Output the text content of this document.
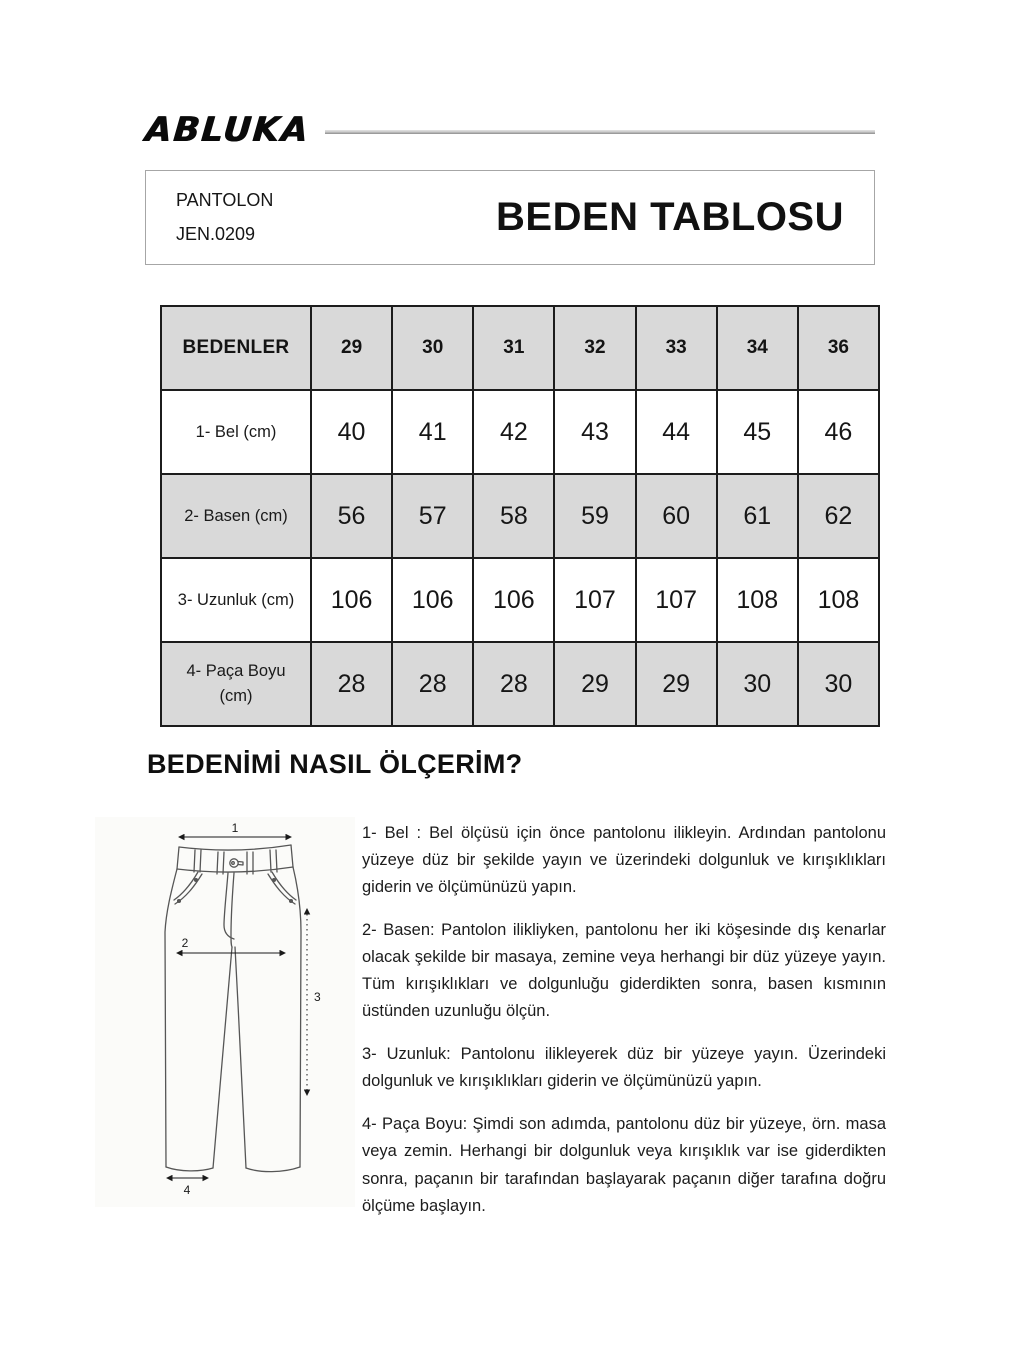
ABLUKA
PANTOLON
JEN.0209	BEDEN TABLOSU
BEDENLER	29	30	31	32	33	34	36
1- Bel (cm)	40	41	42	43	44	45	46
2- Basen (cm)	56	57	58	59	60	61	62
3- Uzunluk (cm)	106	106	106	107	107	108	108
4- Paça Boyu (cm)	28	28	28	29	29	30	30
BEDENİMİ NASIL ÖLÇERİM?
1
2
3
4

1- Bel : Bel ölçüsü için önce pantolonu ilikleyin. Ardından pantolonu yüzeye düz bir şekilde yayın ve üzerindeki dolgunluk ve kırışıklıkları giderin ve ölçümünüzü yapın.

2- Basen: Pantolon ilikliyken, pantolonu her iki köşesinde dış kenarlar olacak şekilde bir masaya, zemine veya herhangi bir düz yüzeye yayın. Tüm kırışıklıkları ve dolgunluğu giderdikten sonra, basen kısmının üstünden uzunluğu ölçün.

3- Uzunluk: Pantolonu ilikleyerek düz bir yüzeye yayın. Üzerindeki dolgunluk ve kırışıklıkları giderin ve ölçümünüzü yapın.

4- Paça Boyu: Şimdi son adımda, pantolonu düz bir yüzeye, örn. masa veya zemin. Herhangi bir dolgunluk veya kırışıklık var ise giderdikten sonra, paçanın bir tarafından başlayarak paçanın diğer tarafına doğru ölçüme başlayın.
